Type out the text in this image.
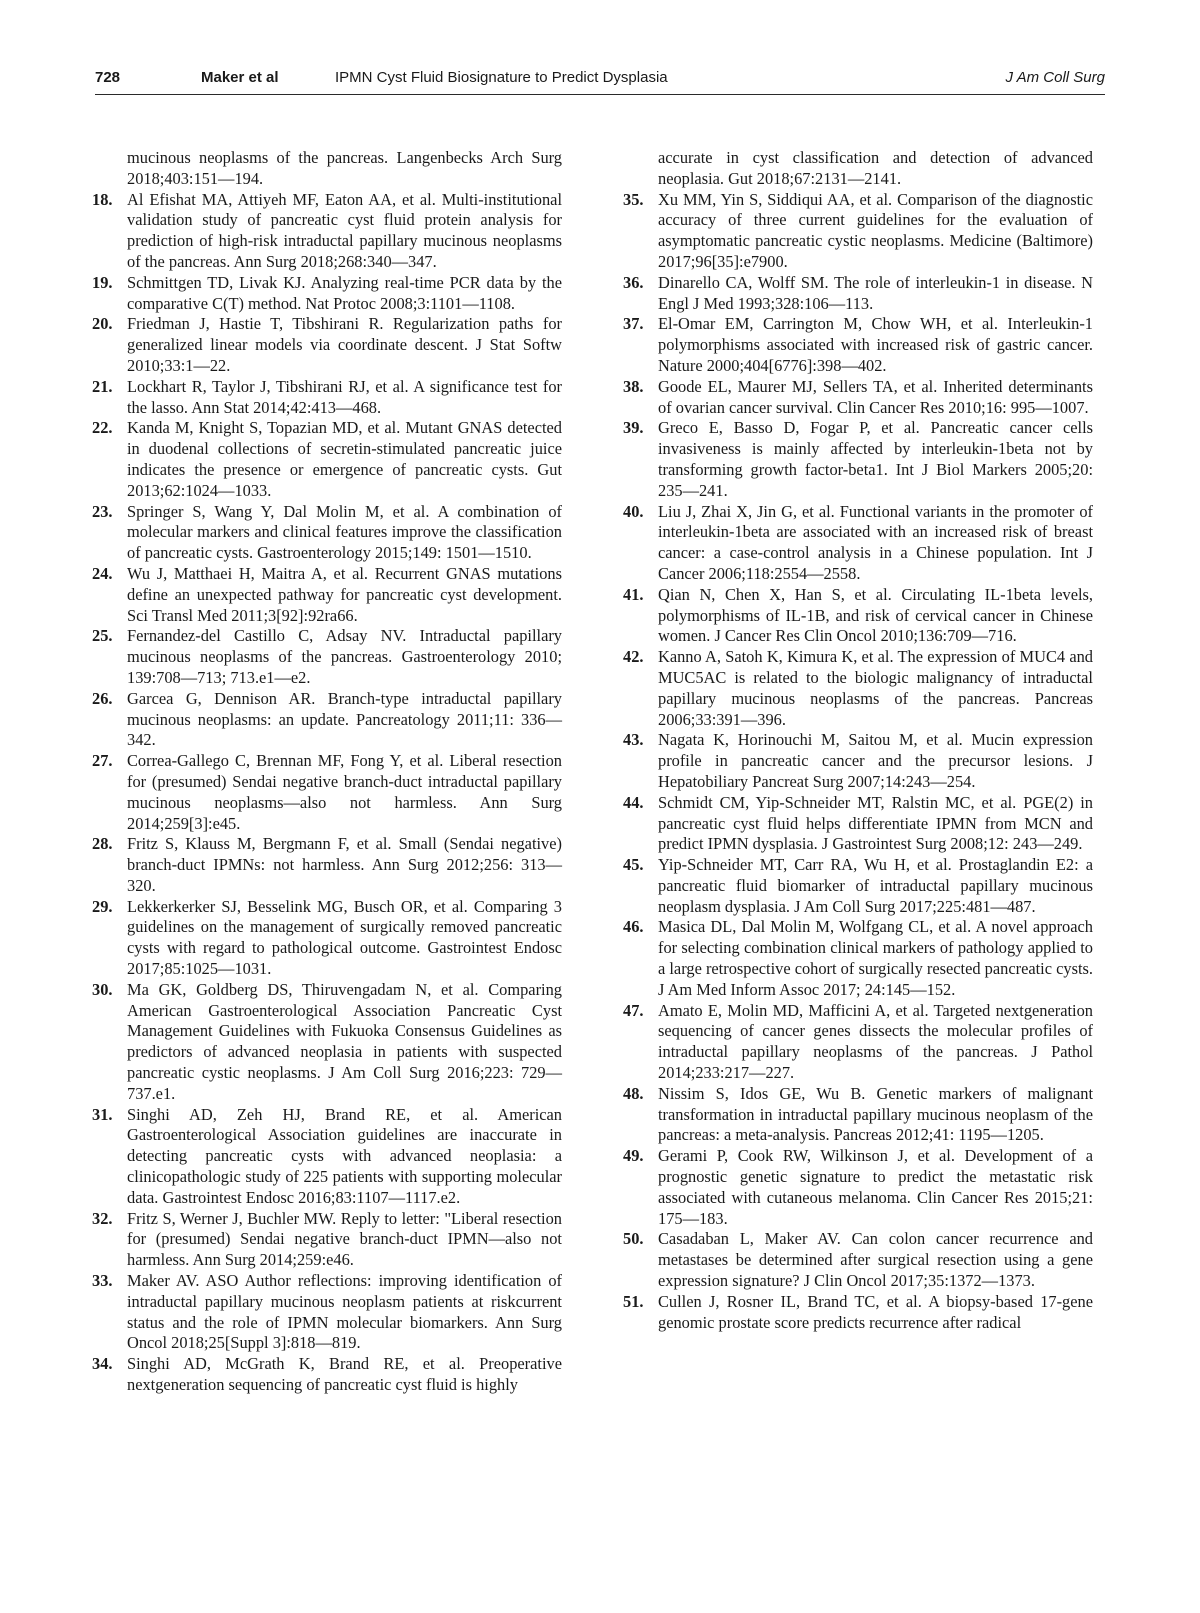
728	Maker et al	IPMN Cyst Fluid Biosignature to Predict Dysplasia	J Am Coll Surg
mucinous neoplasms of the pancreas. Langenbecks Arch Surg 2018;403:151—194.
18. Al Efishat MA, Attiyeh MF, Eaton AA, et al. Multi-institutional validation study of pancreatic cyst fluid protein analysis for prediction of high-risk intraductal papillary mucinous neoplasms of the pancreas. Ann Surg 2018;268:340—347.
19. Schmittgen TD, Livak KJ. Analyzing real-time PCR data by the comparative C(T) method. Nat Protoc 2008;3:1101—1108.
20. Friedman J, Hastie T, Tibshirani R. Regularization paths for generalized linear models via coordinate descent. J Stat Softw 2010;33:1—22.
21. Lockhart R, Taylor J, Tibshirani RJ, et al. A significance test for the lasso. Ann Stat 2014;42:413—468.
22. Kanda M, Knight S, Topazian MD, et al. Mutant GNAS detected in duodenal collections of secretin-stimulated pancreatic juice indicates the presence or emergence of pancreatic cysts. Gut 2013;62:1024—1033.
23. Springer S, Wang Y, Dal Molin M, et al. A combination of molecular markers and clinical features improve the classification of pancreatic cysts. Gastroenterology 2015;149: 1501—1510.
24. Wu J, Matthaei H, Maitra A, et al. Recurrent GNAS mutations define an unexpected pathway for pancreatic cyst development. Sci Transl Med 2011;3[92]:92ra66.
25. Fernandez-del Castillo C, Adsay NV. Intraductal papillary mucinous neoplasms of the pancreas. Gastroenterology 2010; 139:708—713; 713.e1—e2.
26. Garcea G, Dennison AR. Branch-type intraductal papillary mucinous neoplasms: an update. Pancreatology 2011;11: 336—342.
27. Correa-Gallego C, Brennan MF, Fong Y, et al. Liberal resection for (presumed) Sendai negative branch-duct intraductal papillary mucinous neoplasms—also not harmless. Ann Surg 2014;259[3]:e45.
28. Fritz S, Klauss M, Bergmann F, et al. Small (Sendai negative) branch-duct IPMNs: not harmless. Ann Surg 2012;256: 313—320.
29. Lekkerkerker SJ, Besselink MG, Busch OR, et al. Comparing 3 guidelines on the management of surgically removed pancreatic cysts with regard to pathological outcome. Gastrointest Endosc 2017;85:1025—1031.
30. Ma GK, Goldberg DS, Thiruvengadam N, et al. Comparing American Gastroenterological Association Pancreatic Cyst Management Guidelines with Fukuoka Consensus Guidelines as predictors of advanced neoplasia in patients with suspected pancreatic cystic neoplasms. J Am Coll Surg 2016;223: 729—737.e1.
31. Singhi AD, Zeh HJ, Brand RE, et al. American Gastroenterological Association guidelines are inaccurate in detecting pancreatic cysts with advanced neoplasia: a clinicopathologic study of 225 patients with supporting molecular data. Gastrointest Endosc 2016;83:1107—1117.e2.
32. Fritz S, Werner J, Buchler MW. Reply to letter: "Liberal resection for (presumed) Sendai negative branch-duct IPMN—also not harmless. Ann Surg 2014;259:e46.
33. Maker AV. ASO Author reflections: improving identification of intraductal papillary mucinous neoplasm patients at riskcurrent status and the role of IPMN molecular biomarkers. Ann Surg Oncol 2018;25[Suppl 3]:818—819.
34. Singhi AD, McGrath K, Brand RE, et al. Preoperative nextgeneration sequencing of pancreatic cyst fluid is highly
accurate in cyst classification and detection of advanced neoplasia. Gut 2018;67:2131—2141.
35. Xu MM, Yin S, Siddiqui AA, et al. Comparison of the diagnostic accuracy of three current guidelines for the evaluation of asymptomatic pancreatic cystic neoplasms. Medicine (Baltimore) 2017;96[35]:e7900.
36. Dinarello CA, Wolff SM. The role of interleukin-1 in disease. N Engl J Med 1993;328:106—113.
37. El-Omar EM, Carrington M, Chow WH, et al. Interleukin-1 polymorphisms associated with increased risk of gastric cancer. Nature 2000;404[6776]:398—402.
38. Goode EL, Maurer MJ, Sellers TA, et al. Inherited determinants of ovarian cancer survival. Clin Cancer Res 2010;16: 995—1007.
39. Greco E, Basso D, Fogar P, et al. Pancreatic cancer cells invasiveness is mainly affected by interleukin-1beta not by transforming growth factor-beta1. Int J Biol Markers 2005;20: 235—241.
40. Liu J, Zhai X, Jin G, et al. Functional variants in the promoter of interleukin-1beta are associated with an increased risk of breast cancer: a case-control analysis in a Chinese population. Int J Cancer 2006;118:2554—2558.
41. Qian N, Chen X, Han S, et al. Circulating IL-1beta levels, polymorphisms of IL-1B, and risk of cervical cancer in Chinese women. J Cancer Res Clin Oncol 2010;136:709—716.
42. Kanno A, Satoh K, Kimura K, et al. The expression of MUC4 and MUC5AC is related to the biologic malignancy of intraductal papillary mucinous neoplasms of the pancreas. Pancreas 2006;33:391—396.
43. Nagata K, Horinouchi M, Saitou M, et al. Mucin expression profile in pancreatic cancer and the precursor lesions. J Hepatobiliary Pancreat Surg 2007;14:243—254.
44. Schmidt CM, Yip-Schneider MT, Ralstin MC, et al. PGE(2) in pancreatic cyst fluid helps differentiate IPMN from MCN and predict IPMN dysplasia. J Gastrointest Surg 2008;12: 243—249.
45. Yip-Schneider MT, Carr RA, Wu H, et al. Prostaglandin E2: a pancreatic fluid biomarker of intraductal papillary mucinous neoplasm dysplasia. J Am Coll Surg 2017;225:481—487.
46. Masica DL, Dal Molin M, Wolfgang CL, et al. A novel approach for selecting combination clinical markers of pathology applied to a large retrospective cohort of surgically resected pancreatic cysts. J Am Med Inform Assoc 2017; 24:145—152.
47. Amato E, Molin MD, Mafficini A, et al. Targeted nextgeneration sequencing of cancer genes dissects the molecular profiles of intraductal papillary neoplasms of the pancreas. J Pathol 2014;233:217—227.
48. Nissim S, Idos GE, Wu B. Genetic markers of malignant transformation in intraductal papillary mucinous neoplasm of the pancreas: a meta-analysis. Pancreas 2012;41: 1195—1205.
49. Gerami P, Cook RW, Wilkinson J, et al. Development of a prognostic genetic signature to predict the metastatic risk associated with cutaneous melanoma. Clin Cancer Res 2015;21: 175—183.
50. Casadaban L, Maker AV. Can colon cancer recurrence and metastases be determined after surgical resection using a gene expression signature? J Clin Oncol 2017;35:1372—1373.
51. Cullen J, Rosner IL, Brand TC, et al. A biopsy-based 17-gene genomic prostate score predicts recurrence after radical
